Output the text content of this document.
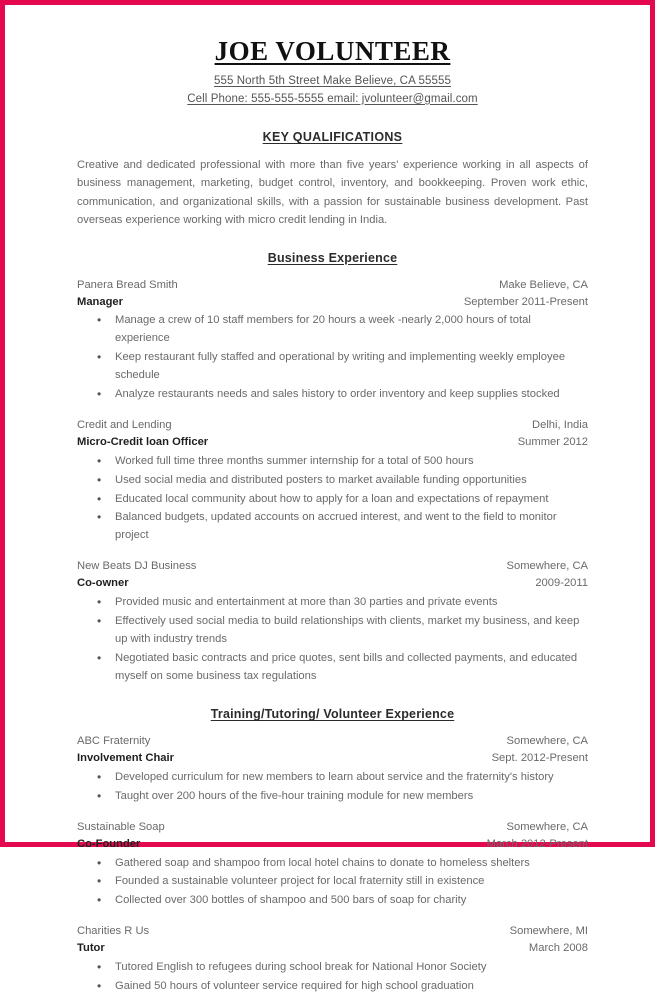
JOE VOLUNTEER
555 North 5th Street Make Believe, CA 55555
Cell Phone: 555-555-5555 email: jvolunteer@gmail.com
KEY QUALIFICATIONS

Creative and dedicated professional with more than five years' experience working in all aspects of business management, marketing, budget control, inventory, and bookkeeping. Proven work ethic, communication, and organizational skills, with a passion for sustainable business development. Past overseas experience working with micro credit lending in India.

Business Experience
Panera Bread Smith	Make Believe, CA
Manager	September 2011-Present
• Manage a crew of 10 staff members for 20 hours a week -nearly 2,000 hours of total experience
• Keep restaurant fully staffed and operational by writing and implementing weekly employee schedule
• Analyze restaurants needs and sales history to order inventory and keep supplies stocked
Credit and Lending	Delhi, India
Micro-Credit loan Officer	Summer 2012
• Worked full time three months summer internship for a total of 500 hours
• Used social media and distributed posters to market available funding opportunities
• Educated local community about how to apply for a loan and expectations of repayment
• Balanced budgets, updated accounts on accrued interest, and went to the field to monitor project
New Beats DJ Business	Somewhere, CA
Co-owner	2009-2011
• Provided music and entertainment at more than 30 parties and private events
• Effectively used social media to build relationships with clients, market my business, and keep up with industry trends
• Negotiated basic contracts and price quotes, sent bills and collected payments, and educated myself on some business tax regulations
Training/Tutoring/ Volunteer Experience
ABC Fraternity	Somewhere, CA
Involvement Chair	Sept. 2012-Present
• Developed curriculum for new members to learn about service and the fraternity's history
• Taught over 200 hours of the five-hour training module for new members
Sustainable Soap	Somewhere, CA
Co-Founder	March 2012-Present
• Gathered soap and shampoo from local hotel chains to donate to homeless shelters
• Founded a sustainable volunteer project for local fraternity still in existence
• Collected over 300 bottles of shampoo and 500 bars of soap for charity
Charities R Us	Somewhere, MI
Tutor	March 2008
• Tutored English to refugees during school break for National Honor Society
• Gained 50 hours of volunteer service required for high school graduation
